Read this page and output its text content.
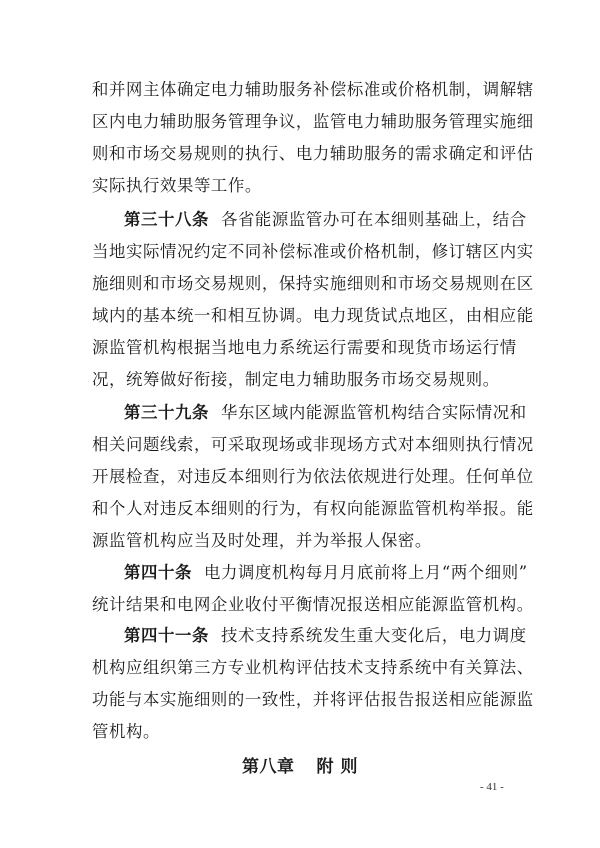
和并网主体确定电力辅助服务补偿标准或价格机制，调解辖
区内电力辅助服务管理争议，监管电力辅助服务管理实施细
则和市场交易规则的执行、电力辅助服务的需求确定和评估
实际执行效果等工作。
第三十八条 各省能源监管办可在本细则基础上，结合
当地实际情况约定不同补偿标准或价格机制，修订辖区内实
施细则和市场交易规则，保持实施细则和市场交易规则在区
域内的基本统一和相互协调。电力现货试点地区，由相应能
源监管机构根据当地电力系统运行需要和现货市场运行情
况，统筹做好衔接，制定电力辅助服务市场交易规则。
第三十九条 华东区域内能源监管机构结合实际情况和
相关问题线索，可采取现场或非现场方式对本细则执行情况
开展检查，对违反本细则行为依法依规进行处理。任何单位
和个人对违反本细则的行为，有权向能源监管机构举报。能
源监管机构应当及时处理，并为举报人保密。
第四十条 电力调度机构每月月底前将上月“两个细则”
统计结果和电网企业收付平衡情况报送相应能源监管机构。
第四十一条 技术支持系统发生重大变化后，电力调度
机构应组织第三方专业机构评估技术支持系统中有关算法、
功能与本实施细则的一致性，并将评估报告报送相应能源监
管机构。
第八章 附 则
- 41 -
